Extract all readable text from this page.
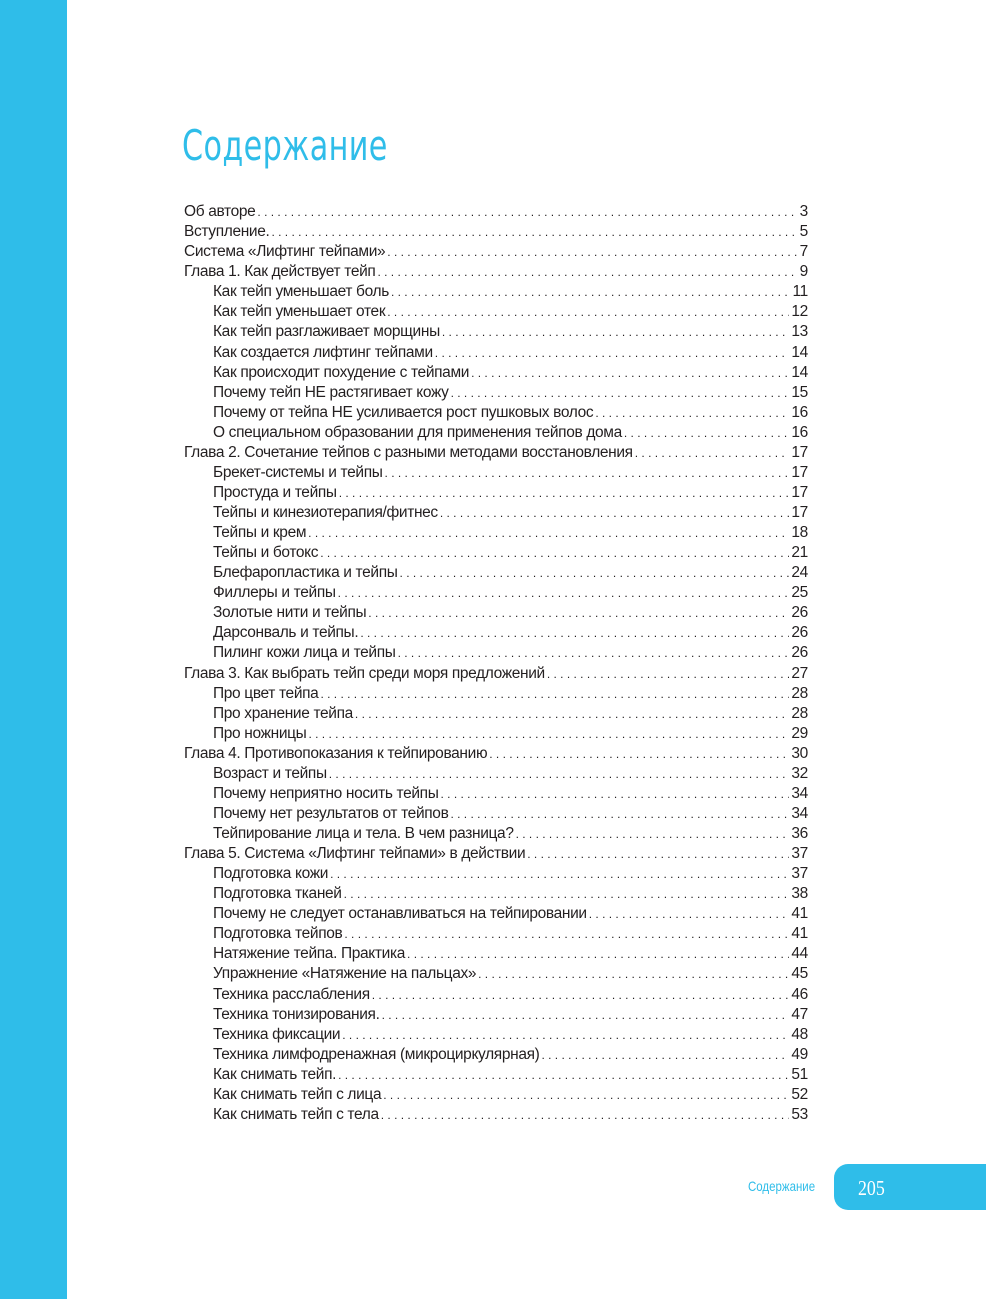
Содержание
Об авторе . . .	3
Вступление. . . .	5
Система «Лифтинг тейпами» . . .	7
Глава 1. Как действует тейп . . .	9
Как тейп уменьшает боль . . .	11
Как тейп уменьшает отек . . .	12
Как тейп разглаживает морщины . . .	13
Как создается лифтинг тейпами . . .	14
Как происходит похудение с тейпами . . .	14
Почему тейп НЕ растягивает кожу . . .	15
Почему от тейпа НЕ усиливается рост пушковых волос . . .	16
О специальном образовании для применения тейпов дома . . .	16
Глава 2. Сочетание тейпов с разными методами восстановления . . .	17
Брекет-системы и тейпы . . .	17
Простуда и тейпы . . .	17
Тейпы и кинезиотерапия/фитнес . . .	17
Тейпы и крем . . .	18
Тейпы и ботокс . . .	21
Блефаропластика и тейпы . . .	24
Филлеры и тейпы . . .	25
Золотые нити и тейпы . . .	26
Дарсонваль и тейпы. . . .	26
Пилинг кожи лица и тейпы . . .	26
Глава 3. Как выбрать тейп среди моря предложений . . .	27
Про цвет тейпа . . .	28
Про хранение тейпа . . .	28
Про ножницы . . .	29
Глава 4. Противопоказания к тейпированию . . .	30
Возраст и тейпы . . .	32
Почему неприятно носить тейпы . . .	34
Почему нет результатов от тейпов . . .	34
Тейпирование лица и тела. В чем разница? . . .	36
Глава 5. Система «Лифтинг тейпами» в действии . . .	37
Подготовка кожи . . .	37
Подготовка тканей . . .	38
Почему не следует останавливаться на тейпировании . . .	41
Подготовка тейпов . . .	41
Натяжение тейпа. Практика . . .	44
Упражнение «Натяжение на пальцах» . . .	45
Техника расслабления . . .	46
Техника тонизирования. . . .	47
Техника фиксации . . .	48
Техника лимфодренажная (микроциркулярная) . . .	49
Как снимать тейп. . . .	51
Как снимать тейп с лица . . .	52
Как снимать тейп с тела . . .	53
Содержание 205
